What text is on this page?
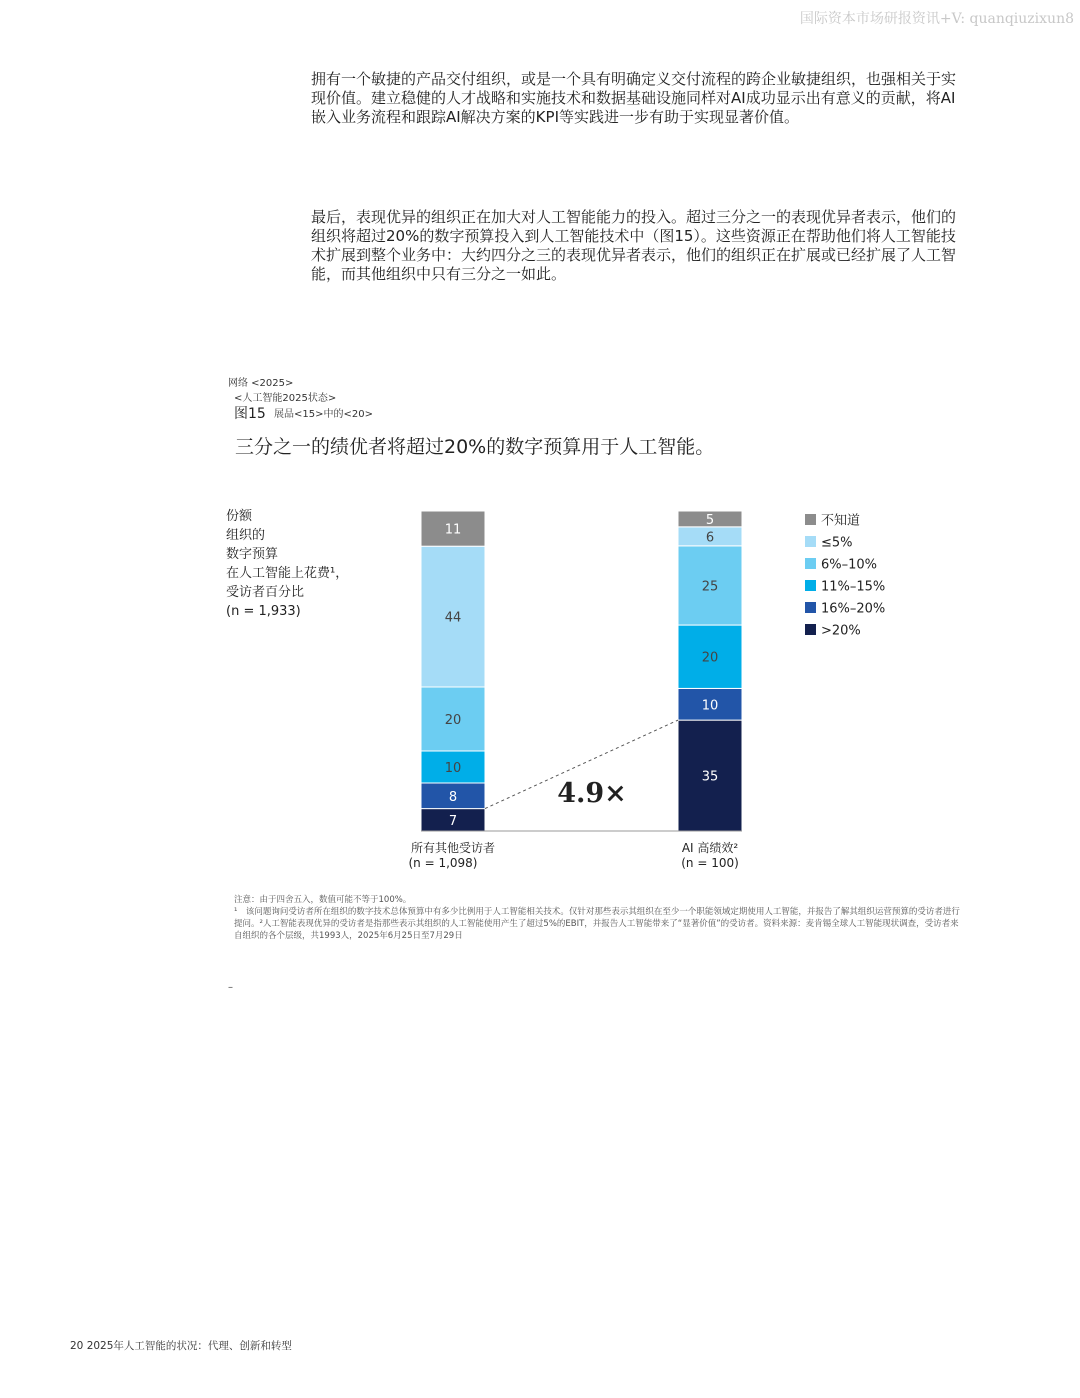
国际资本市场研报资讯+V: quanqiuzixun8

拥有一个敏捷的产品交付组织，或是一个具有明确定义交付流程的跨企业敏捷组织，也强相关于实现价值。建立稳健的人才战略和实施技术和数据基础设施同样对AI成功显示出有意义的贡献，将AI嵌入业务流程和跟踪AI解决方案的KPI等实践进一步有助于实现显著价值。

最后，表现优异的组织正在加大对人工智能能力的投入。超过三分之一的表现优异者表示，他们的组织将超过20%的数字预算投入到人工智能技术中（图15）。这些资源正在帮助他们将人工智能技术扩展到整个业务中：大约四分之三的表现优异者表示，他们的组织正在扩展或已经扩展了人工智能，而其他组织中只有三分之一如此。

网络 <2025>
<人工智能2025状态>
图15 展品<15>中的<20>
三分之一的绩优者将超过20%的数字预算用于人工智能。
份额
组织的
数字预算
在人工智能上花费¹，
受访者百分比
(n = 1,933)
7
8
10
20
44
11
所有其他受访者
(n = 1,098)
35
10
20
25
6
5
AI 高绩效²
(n = 100)
4.9×
不知道
≤5%
6%–10%
11%–15%
16%–20%
>20%
注意：由于四舍五入，数值可能不等于100%。
¹　该问题询问受访者所在组织的数字技术总体预算中有多少比例用于人工智能相关技术。仅针对那些表示其组织在至少一个职能领域定期使用人工智能，并报告了解其组织运营预算的受访者进行提问。²人工智能表现优异的受访者是指那些表示其组织的人工智能使用产生了超过5%的EBIT，并报告人工智能带来了“显著价值”的受访者。资料来源：麦肯锡全球人工智能现状调查，受访者来自组织的各个层级，共1993人，2025年6月25日至7月29日
–
20 2025年人工智能的状况：代理、创新和转型
